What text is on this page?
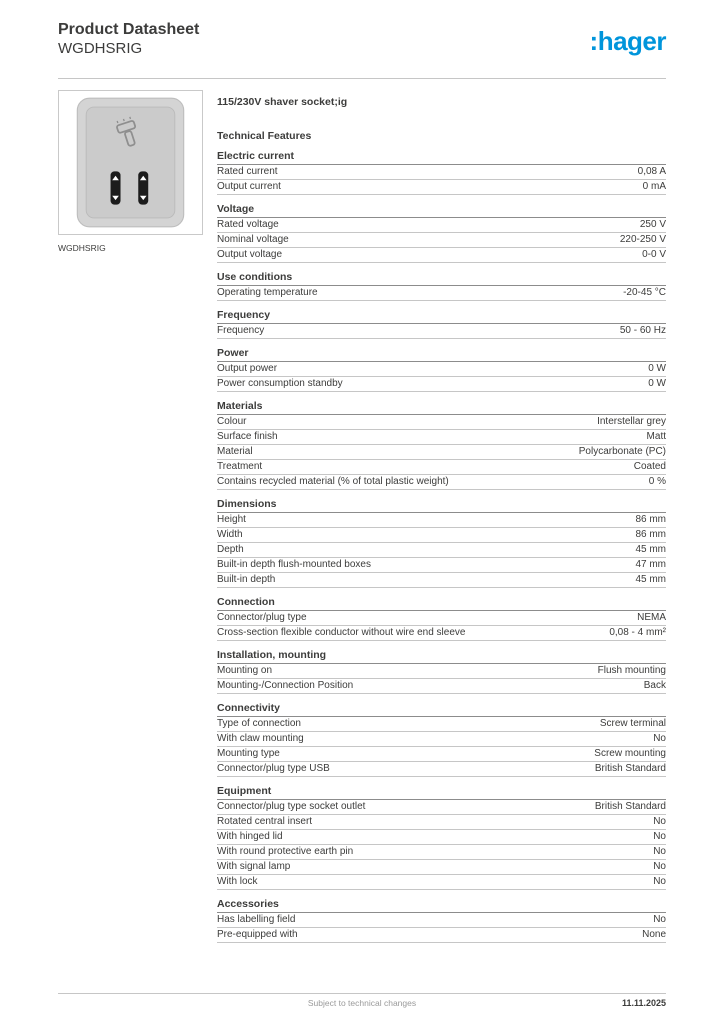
Product Datasheet
WGDHSRIG	:hager
WGDHSRIG
115/230V shaver socket;ig
Technical Features
Electric current
Rated current	0,08 A
Output current	0 mA
Voltage
Rated voltage	250 V
Nominal voltage	220-250 V
Output voltage	0-0 V
Use conditions
Operating temperature	-20-45 °C
Frequency
Frequency	50 - 60 Hz
Power
Output power	0 W
Power consumption standby	0 W
Materials
Colour	Interstellar grey
Surface finish	Matt
Material	Polycarbonate (PC)
Treatment	Coated
Contains recycled material (% of total plastic weight)	0 %
Dimensions
Height	86 mm
Width	86 mm
Depth	45 mm
Built-in depth flush-mounted boxes	47 mm
Built-in depth	45 mm
Connection
Connector/plug type	NEMA
Cross-section flexible conductor without wire end sleeve	0,08 - 4 mm²
Installation, mounting
Mounting on	Flush mounting
Mounting-/Connection Position	Back
Connectivity
Type of connection	Screw terminal
With claw mounting	No
Mounting type	Screw mounting
Connector/plug type USB	British Standard
Equipment
Connector/plug type socket outlet	British Standard
Rotated central insert	No
With hinged lid	No
With round protective earth pin	No
With signal lamp	No
With lock	No
Accessories
Has labelling field	No
Pre-equipped with	None
Subject to technical changes	11.11.2025
